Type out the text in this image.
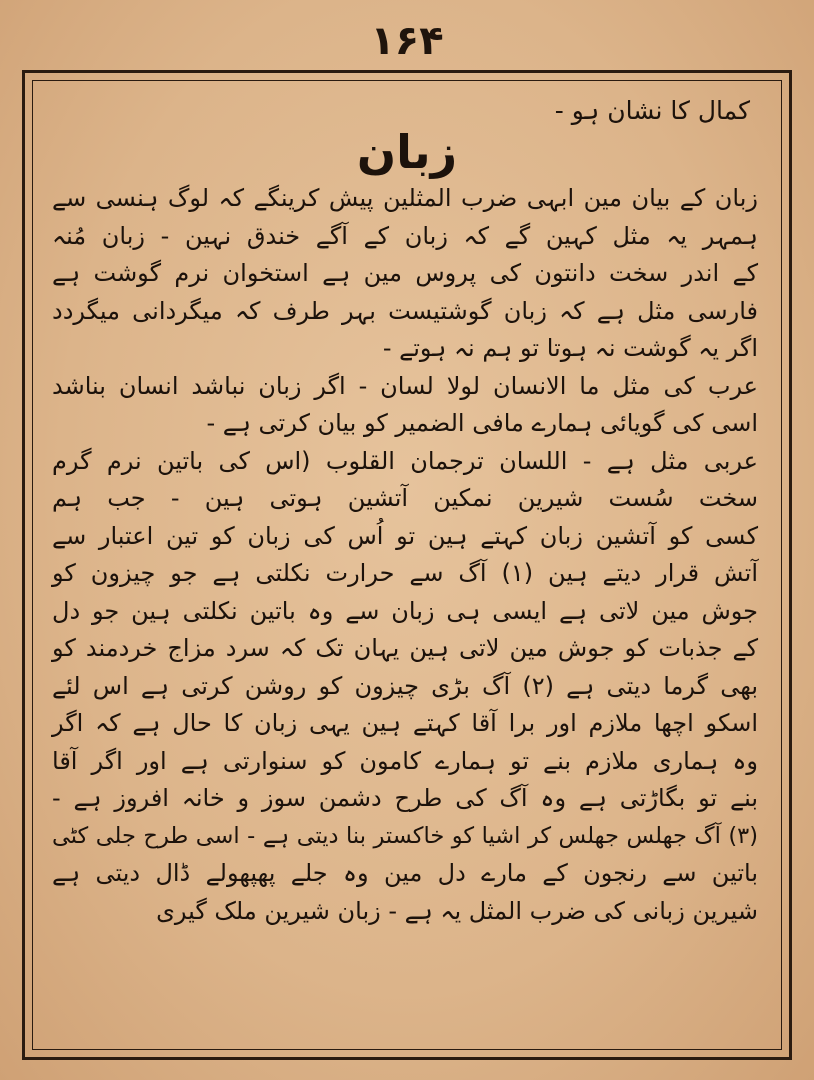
۱۶۴
کمال کا نشان ہو -
زبان
زبان کے بیان مین ابہی ضرب المثلین پیش کرینگے کہ لوگ ہنسی سے
ہمہر یہ مثل کہین گے کہ زبان کے آگے خندق نہین - زبان مُنہ
کے اندر سخت دانتون کی پروس مین ہے استخوان نرم گوشت ہے
فارسی مثل ہے کہ زبان گوشتیست بہر طرف کہ میگردانی میگردد
اگر یہ گوشت نہ ہوتا تو ہم نہ ہوتے -
عرب کی مثل ما الانسان لولا لسان - اگر زبان نباشد انسان بناشد
اسی کی گویائی ہمارے مافی الضمیر کو بیان کرتی ہے -
عربی مثل ہے - اللسان ترجمان القلوب (اس کی باتین نرم گرم
سخت سُست شیرین نمکین آتشین ہوتی ہین - جب ہم
کسی کو آتشین زبان کہتے ہین تو اُس کی زبان کو تین اعتبار سے
آتش قرار دیتے ہین (۱) آگ سے حرارت نکلتی ہے جو چیزون کو
جوش مین لاتی ہے ایسی ہی زبان سے وہ باتین نکلتی ہین جو دل
کے جذبات کو جوش مین لاتی ہین یہان تک کہ سرد مزاج خردمند کو
بھی گرما دیتی ہے (۲) آگ بڑی چیزون کو روشن کرتی ہے اس لئے
اسکو اچھا ملازم اور برا آقا کہتے ہین یہی زبان کا حال ہے کہ اگر
وہ ہماری ملازم بنے تو ہمارے کامون کو سنوارتی ہے اور اگر آقا
بنے تو بگاڑتی ہے وہ آگ کی طرح دشمن سوز و خانہ افروز ہے -
(۳) آگ جھلس جھلس کر اشیا کو خاکستر بنا دیتی ہے - اسی طرح جلی کٹی
باتین سے رنجون کے مارے دل مین وہ جلے پھپھولے ڈال دیتی ہے
شیرین زبانی کی ضرب المثل یہ ہے - زبان شیرین ملک گیری
